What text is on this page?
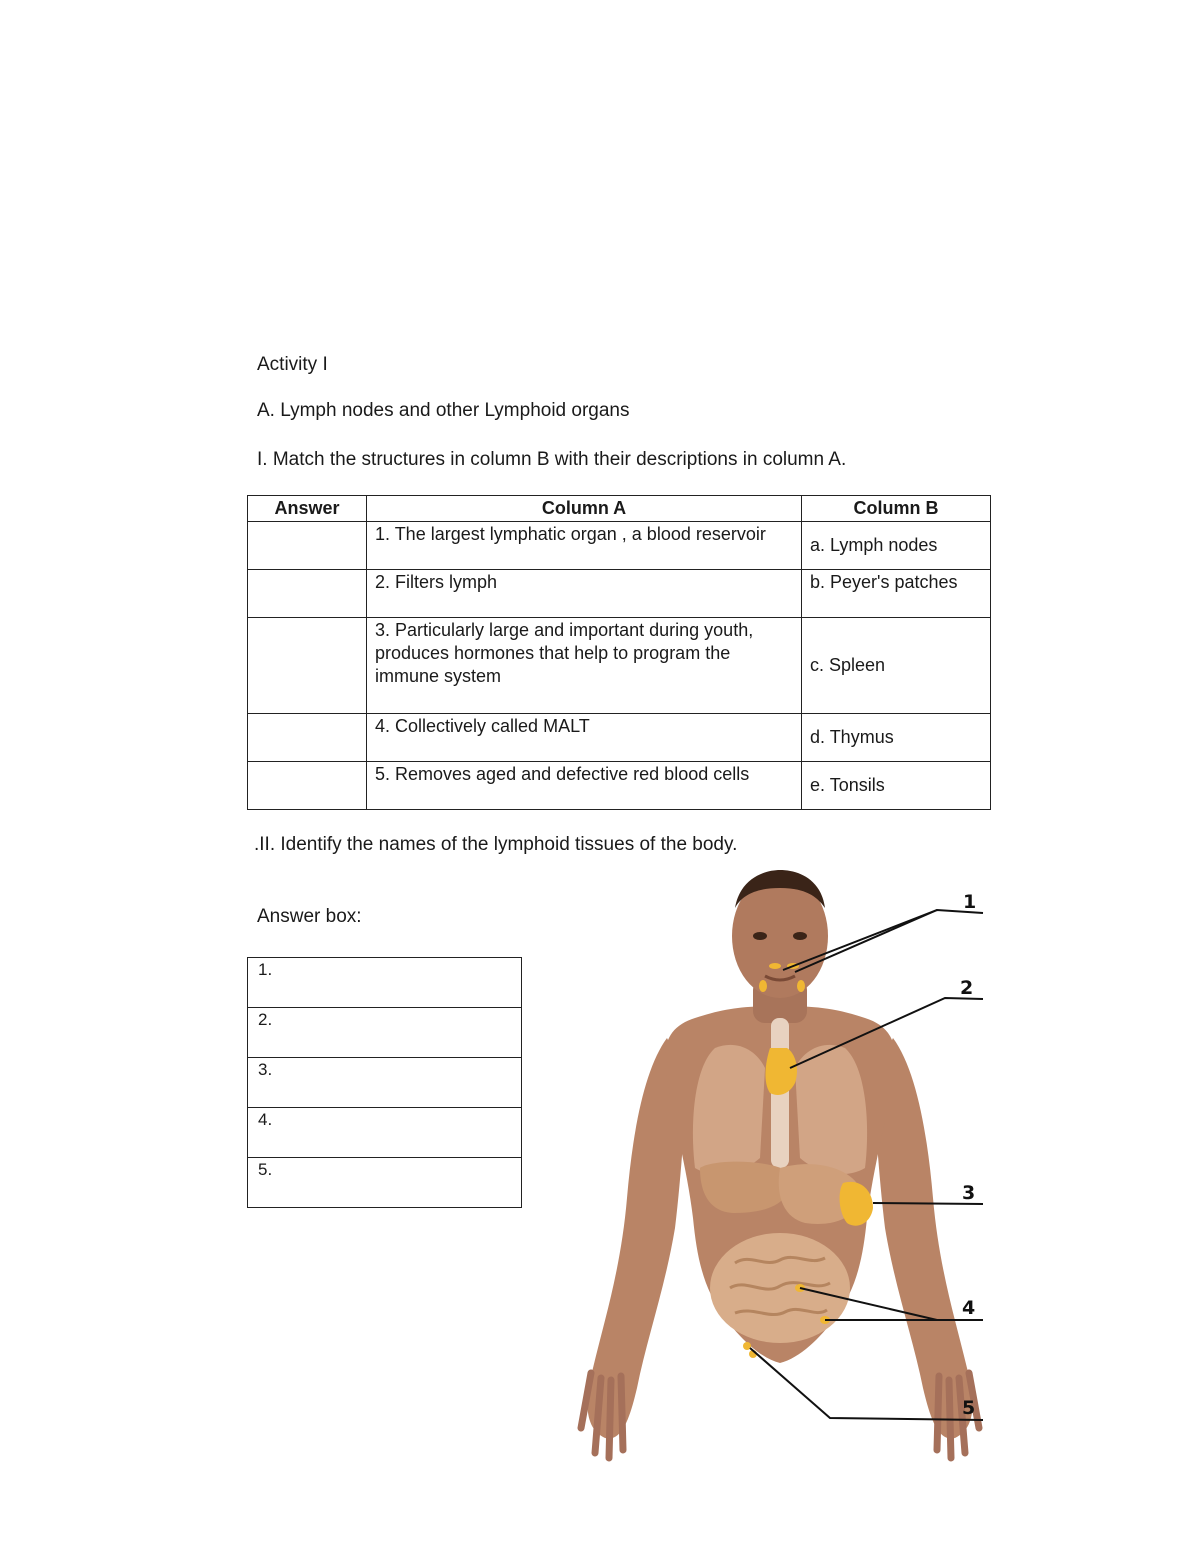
Activity I
A. Lymph nodes and other Lymphoid organs

I. Match the structures in column B with their descriptions in column A.

Answer	Column A	Column B
	1. The largest lymphatic organ , a blood reservoir	a. Lymph nodes
	2. Filters lymph	b. Peyer's patches
	3. Particularly large and important during youth, produces hormones that help to program the immune system	c. Spleen
	4. Collectively called MALT	d. Thymus
	5. Removes aged and defective red blood cells	e. Tonsils

.II. Identify the names of the lymphoid tissues of the body.

Answer box:

1.
2.
3.
4.
5.
1
2
3
4
5
